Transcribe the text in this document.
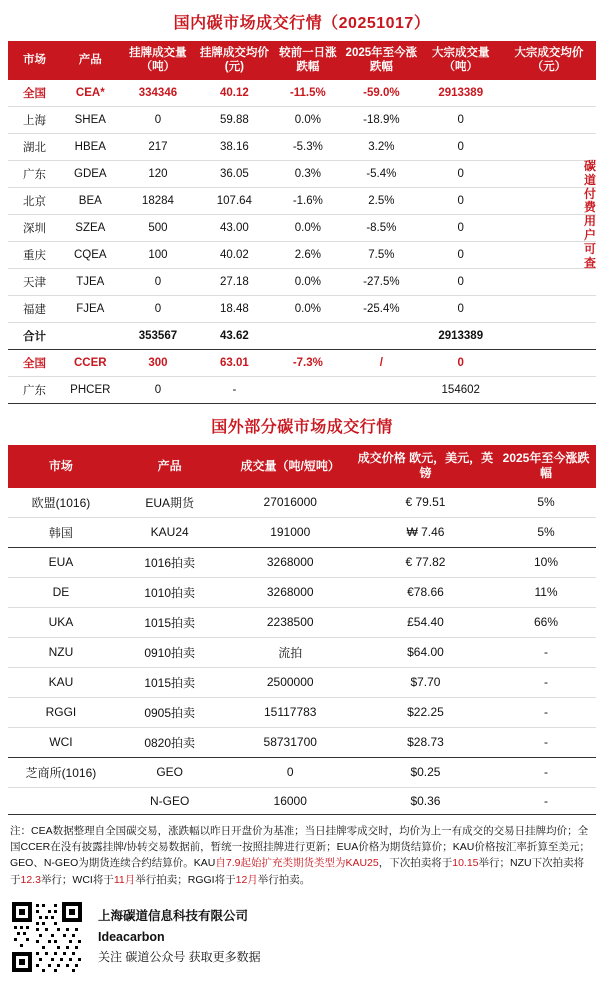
国内碳市场成交行情（20251017）
市场	产品	挂牌成交量（吨）	挂牌成交均价(元)	较前一日涨跌幅	2025年至今涨跌幅	大宗成交量（吨）	大宗成交均价（元）
全国	CEA*	334346	40.12	-11.5%	-59.0%	2913389	
上海	SHEA	0	59.88	0.0%	-18.9%	0	
湖北	HBEA	217	38.16	-5.3%	3.2%	0	
广东	GDEA	120	36.05	0.3%	-5.4%	0	
北京	BEA	18284	107.64	-1.6%	2.5%	0	
深圳	SZEA	500	43.00	0.0%	-8.5%	0	
重庆	CQEA	100	40.02	2.6%	7.5%	0	
天津	TJEA	0	27.18	0.0%	-27.5%	0	
福建	FJEA	0	18.48	0.0%	-25.4%	0	
合计		353567	43.62			2913389	
全国	CCER	300	63.01	-7.3%	/	0	
广东	PHCER	0	-			154602	
碳道付费用户可查
国外部分碳市场成交行情
市场	产品	成交量（吨/短吨）	成交价格 欧元，美元，英镑	2025年至今涨跌幅
欧盟(1016)	EUA期货	27016000	€ 79.51	5%
韩国	KAU24	191000	₩ 7.46	5%
EUA	1016拍卖	3268000	€ 77.82	10%
DE	1010拍卖	3268000	€78.66	11%
UKA	1015拍卖	2238500	£54.40	66%
NZU	0910拍卖	流拍	$64.00	-
KAU	1015拍卖	2500000	$7.70	-
RGGI	0905拍卖	15117783	$22.25	-
WCI	0820拍卖	58731700	$28.73	-
芝商所(1016)	GEO	0	$0.25	-
	N-GEO	16000	$0.36	-
注：CEA数据整理自全国碳交易，涨跌幅以昨日开盘价为基准；当日挂牌零成交时，均价为上一有成交的交易日挂牌均价；全国CCER在没有披露挂牌/协转交易数据前，暂统一按照挂牌进行更新；EUA价格为期货结算价；KAU价格按汇率折算至美元；GEO、N-GEO为期货连续合约结算价。KAU自7.9起始扩充类期货类型为KAU25，下次拍卖将于10.15举行；NZU下次拍卖将于12.3举行；WCI将于11月举行拍卖；RGGI将于12月举行拍卖。
上海碳道信息科技有限公司
Ideacarbon
关注 碳道公众号 获取更多数据
